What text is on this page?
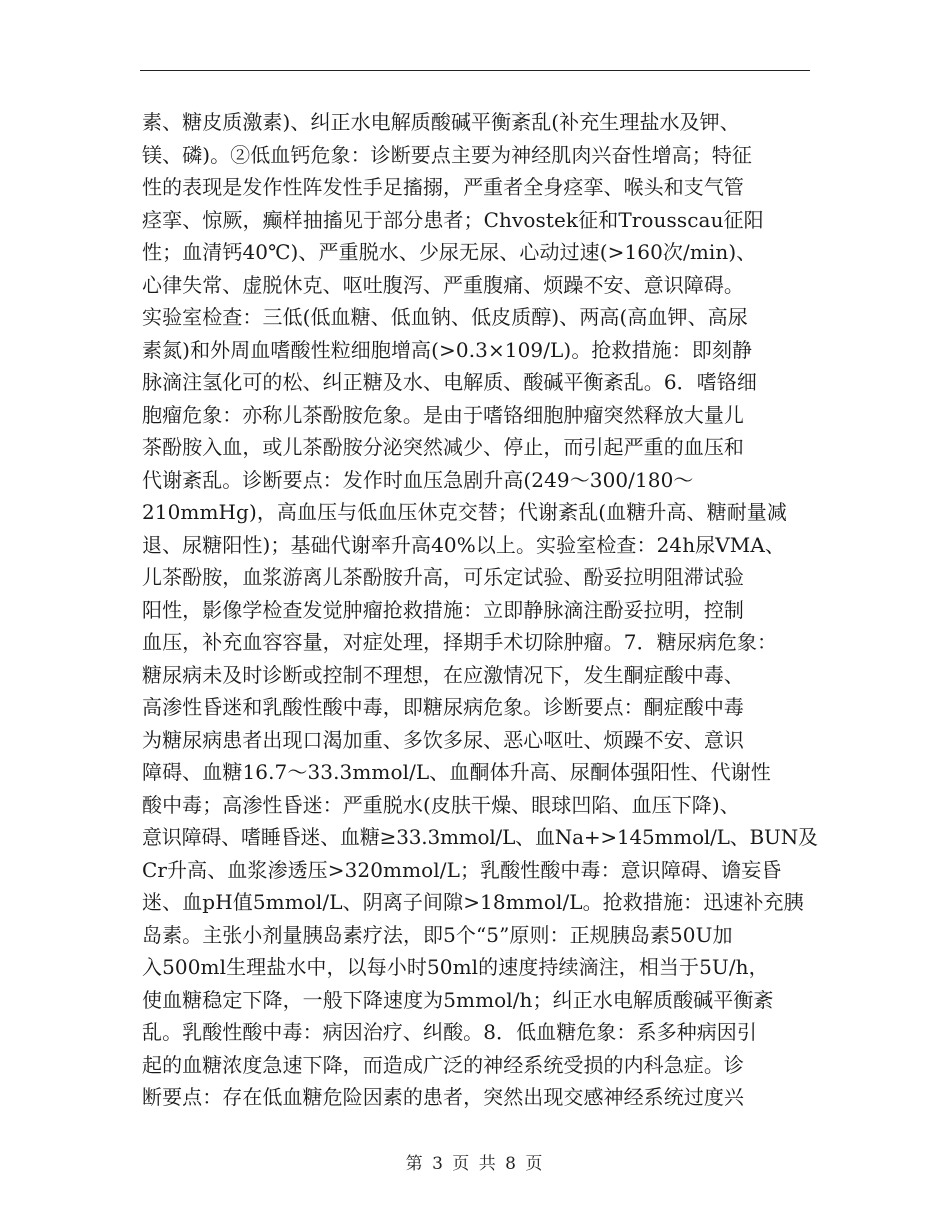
素、糖皮质激素)、纠正水电解质酸碱平衡紊乱(补充生理盐水及钾、
镁、磷)。②低血钙危象：诊断要点主要为神经肌肉兴奋性增高；特征
性的表现是发作性阵发性手足搐搦，严重者全身痉挛、喉头和支气管
痉挛、惊厥，癫样抽搐见于部分患者；Chvostek征和Trousscau征阳
性；血清钙40℃)、严重脱水、少尿无尿、心动过速(>160次/min)、
心律失常、虚脱休克、呕吐腹泻、严重腹痛、烦躁不安、意识障碍。
实验室检查：三低(低血糖、低血钠、低皮质醇)、两高(高血钾、高尿
素氮)和外周血嗜酸性粒细胞增高(>0.3×109/L)。抢救措施：即刻静
脉滴注氢化可的松、纠正糖及水、电解质、酸碱平衡紊乱。6．嗜铬细
胞瘤危象：亦称儿茶酚胺危象。是由于嗜铬细胞肿瘤突然释放大量儿
茶酚胺入血，或儿茶酚胺分泌突然减少、停止，而引起严重的血压和
代谢紊乱。诊断要点：发作时血压急剧升高(249～300/180～
210mmHg)，高血压与低血压休克交替；代谢紊乱(血糖升高、糖耐量减
退、尿糖阳性)；基础代谢率升高40%以上。实验室检查：24h尿VMA、
儿茶酚胺，血浆游离儿茶酚胺升高，可乐定试验、酚妥拉明阻滞试验
阳性，影像学检查发觉肿瘤抢救措施：立即静脉滴注酚妥拉明，控制
血压，补充血容容量，对症处理，择期手术切除肿瘤。7．糖尿病危象：
糖尿病未及时诊断或控制不理想，在应激情况下，发生酮症酸中毒、
高渗性昏迷和乳酸性酸中毒，即糖尿病危象。诊断要点：酮症酸中毒
为糖尿病患者出现口渴加重、多饮多尿、恶心呕吐、烦躁不安、意识
障碍、血糖16.7～33.3mmol/L、血酮体升高、尿酮体强阳性、代谢性
酸中毒；高渗性昏迷：严重脱水(皮肤干燥、眼球凹陷、血压下降)、
意识障碍、嗜睡昏迷、血糖≥33.3mmol/L、血Na+>145mmol/L、BUN及
Cr升高、血浆渗透压>320mmol/L；乳酸性酸中毒：意识障碍、谵妄昏
迷、血pH值5mmol/L、阴离子间隙>18mmol/L。抢救措施：迅速补充胰
岛素。主张小剂量胰岛素疗法，即5个“5”原则：正规胰岛素50U加
入500ml生理盐水中，以每小时50ml的速度持续滴注，相当于5U/h，
使血糖稳定下降，一般下降速度为5mmol/h；纠正水电解质酸碱平衡紊
乱。乳酸性酸中毒：病因治疗、纠酸。8．低血糖危象：系多种病因引
起的血糖浓度急速下降，而造成广泛的神经系统受损的内科急症。诊
断要点：存在低血糖危险因素的患者，突然出现交感神经系统过度兴
第 3 页 共 8 页
